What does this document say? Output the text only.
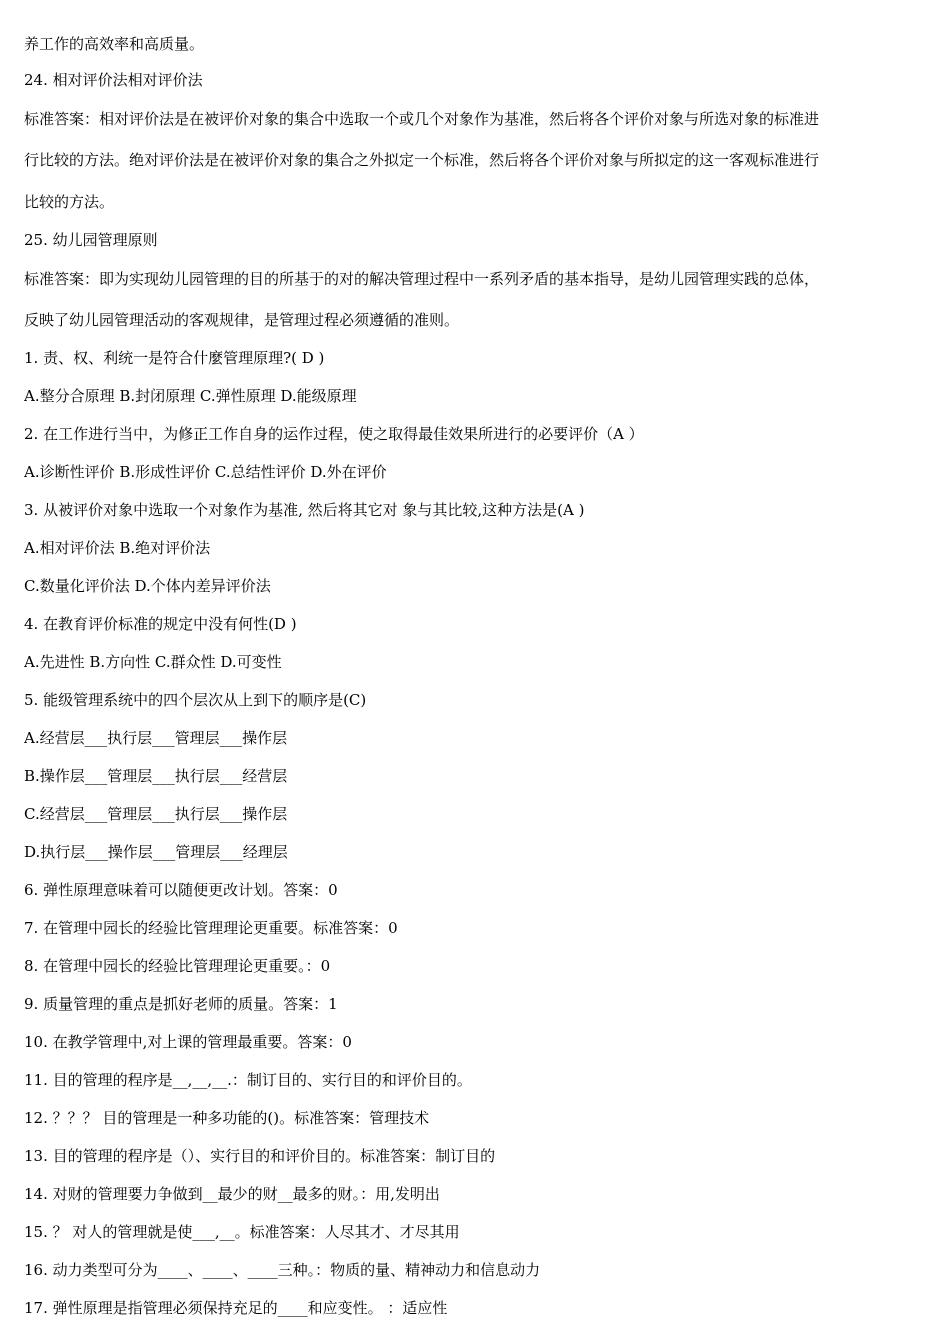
养工作的高效率和高质量。
24. 相对评价法相对评价法
标准答案：相对评价法是在被评价对象的集合中选取一个或几个对象作为基准，然后将各个评价对象与所选对象的标准进
行比较的方法。绝对评价法是在被评价对象的集合之外拟定一个标准，然后将各个评价对象与所拟定的这一客观标准进行
比较的方法。
25. 幼儿园管理原则
标准答案：即为实现幼儿园管理的目的所基于的对的解决管理过程中一系列矛盾的基本指导，是幼儿园管理实践的总体，
反映了幼儿园管理活动的客观规律，是管理过程必须遵循的准则。
1. 责、权、利统一是符合什麼管理原理?( D )
A.整分合原理 B.封闭原理 C.弹性原理 D.能级原理
2. 在工作进行当中，为修正工作自身的运作过程，使之取得最佳效果所进行的必要评价（A ）
A.诊断性评价 B.形成性评价 C.总结性评价 D.外在评价
3. 从被评价对象中选取一个对象作为基准, 然后将其它对 象与其比较,这种方法是(A )
A.相对评价法 B.绝对评价法
C.数量化评价法 D.个体内差异评价法
4. 在教育评价标准的规定中没有何性(D )
A.先进性 B.方向性 C.群众性 D.可变性
5. 能级管理系统中的四个层次从上到下的顺序是(C)
A.经营层___执行层___管理层___操作层
B.操作层___管理层___执行层___经营层
C.经营层___管理层___执行层___操作层
D.执行层___操作层___管理层___经理层
6. 弹性原理意味着可以随便更改计划。答案：0
7. 在管理中园长的经验比管理理论更重要。标准答案：0
8. 在管理中园长的经验比管理理论更重要。：0
9. 质量管理的重点是抓好老师的质量。答案：1
10. 在教学管理中,对上课的管理最重要。答案：0
11. 目的管理的程序是__,__,__.：制订目的、实行目的和评价目的。
12. ？？？ 目的管理是一种多功能的()。标准答案：管理技术
13. 目的管理的程序是（）、实行目的和评价目的。标准答案：制订目的
14. 对财的管理要力争做到__最少的财__最多的财。：用,发明出
15. ？ 对人的管理就是使___,__。标准答案：人尽其才、才尽其用
16. 动力类型可分为____、____、____三种。：物质的量、精神动力和信息动力
17. 弹性原理是指管理必须保持充足的____和应变性。 ：适应性
